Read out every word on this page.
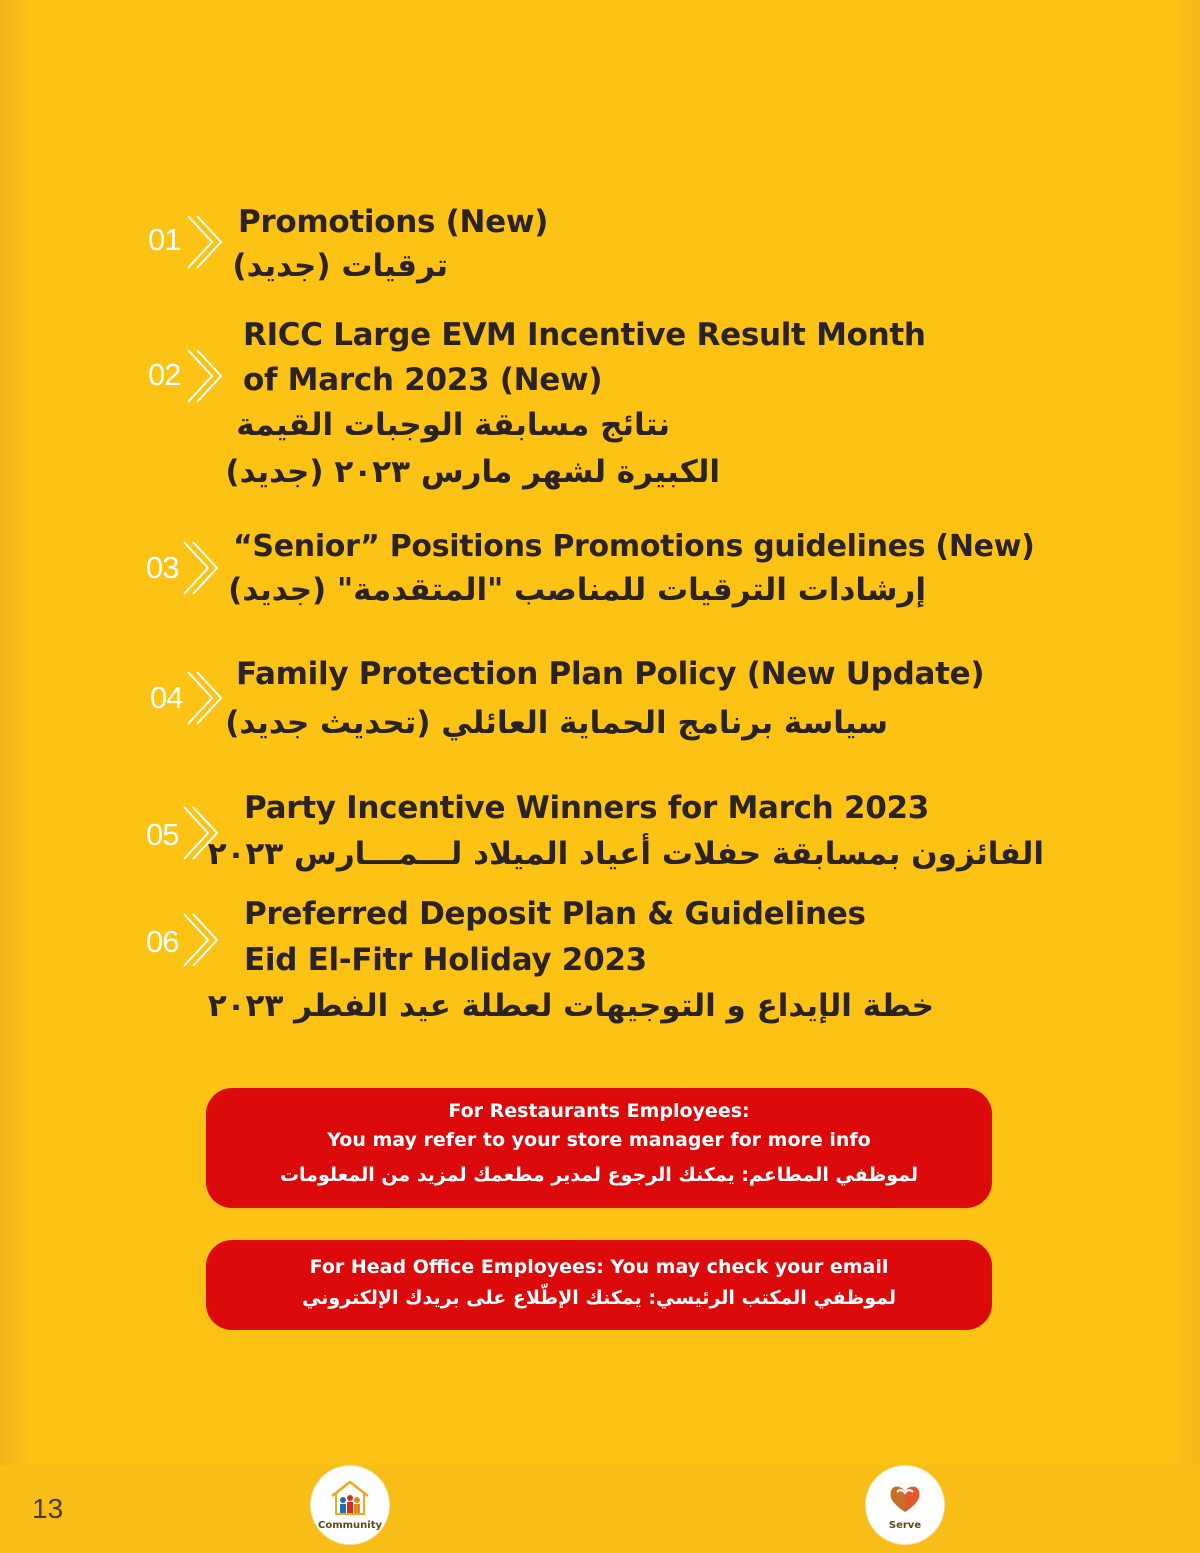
01 Promotions (New)
ترقيات (جديد)
02
RICC Large EVM Incentive Result Month
of March 2023 (New)
نتائج مسابقة الوجبات القيمة
الكبيرة لشهر مارس ٢٠٢٣ (جديد)
03
“Senior” Positions Promotions guidelines (New)
إرشادات الترقيات للمناصب "المتقدمة" (جديد)
04
Family Protection Plan Policy (New Update)
سياسة برنامج الحماية العائلي (تحديث جديد)
05
Party Incentive Winners for March 2023
الفائزون بمسابقة حفلات أعياد الميلاد لـــمـــارس ٢٠٢٣
06
Preferred Deposit Plan & Guidelines
Eid El-Fitr Holiday 2023
خطة الإيداع و التوجيهات لعطلة عيد الفطر ٢٠٢٣
For Restaurants Employees:
You may refer to your store manager for more info
لموظفي المطاعم: يمكنك الرجوع لمدير مطعمك لمزيد من المعلومات
For Head Office Employees: You may check your email
لموظفي المكتب الرئيسي: يمكنك الإطّلاع على بريدك الإلكتروني
13
Community	Serve
